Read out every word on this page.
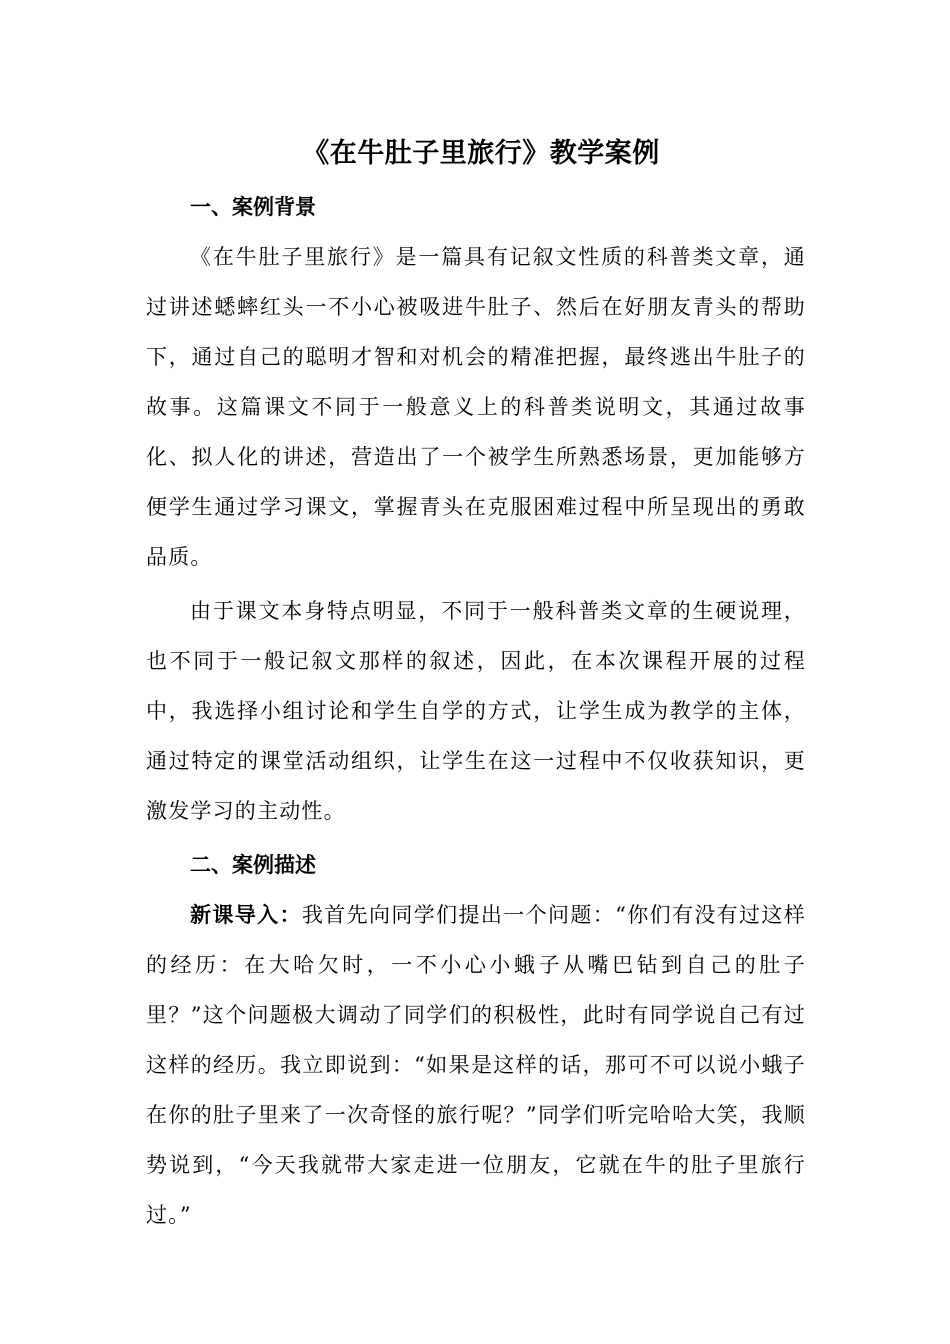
《在牛肚子里旅行》教学案例
一、案例背景

《在牛肚子里旅行》是一篇具有记叙文性质的科普类文章，通过讲述蟋蟀红头一不小心被吸进牛肚子、然后在好朋友青头的帮助下，通过自己的聪明才智和对机会的精准把握，最终逃出牛肚子的故事。这篇课文不同于一般意义上的科普类说明文，其通过故事化、拟人化的讲述，营造出了一个被学生所熟悉场景，更加能够方便学生通过学习课文，掌握青头在克服困难过程中所呈现出的勇敢品质。

由于课文本身特点明显，不同于一般科普类文章的生硬说理，也不同于一般记叙文那样的叙述，因此，在本次课程开展的过程中，我选择小组讨论和学生自学的方式，让学生成为教学的主体，通过特定的课堂活动组织，让学生在这一过程中不仅收获知识，更激发学习的主动性。

二、案例描述

新课导入：我首先向同学们提出一个问题：“你们有没有过这样的经历：在大哈欠时，一不小心小蛾子从嘴巴钻到自己的肚子里？”这个问题极大调动了同学们的积极性，此时有同学说自己有过这样的经历。我立即说到：“如果是这样的话，那可不可以说小蛾子在你的肚子里来了一次奇怪的旅行呢？”同学们听完哈哈大笑，我顺势说到，“今天我就带大家走进一位朋友，它就在牛的肚子里旅行过。”
